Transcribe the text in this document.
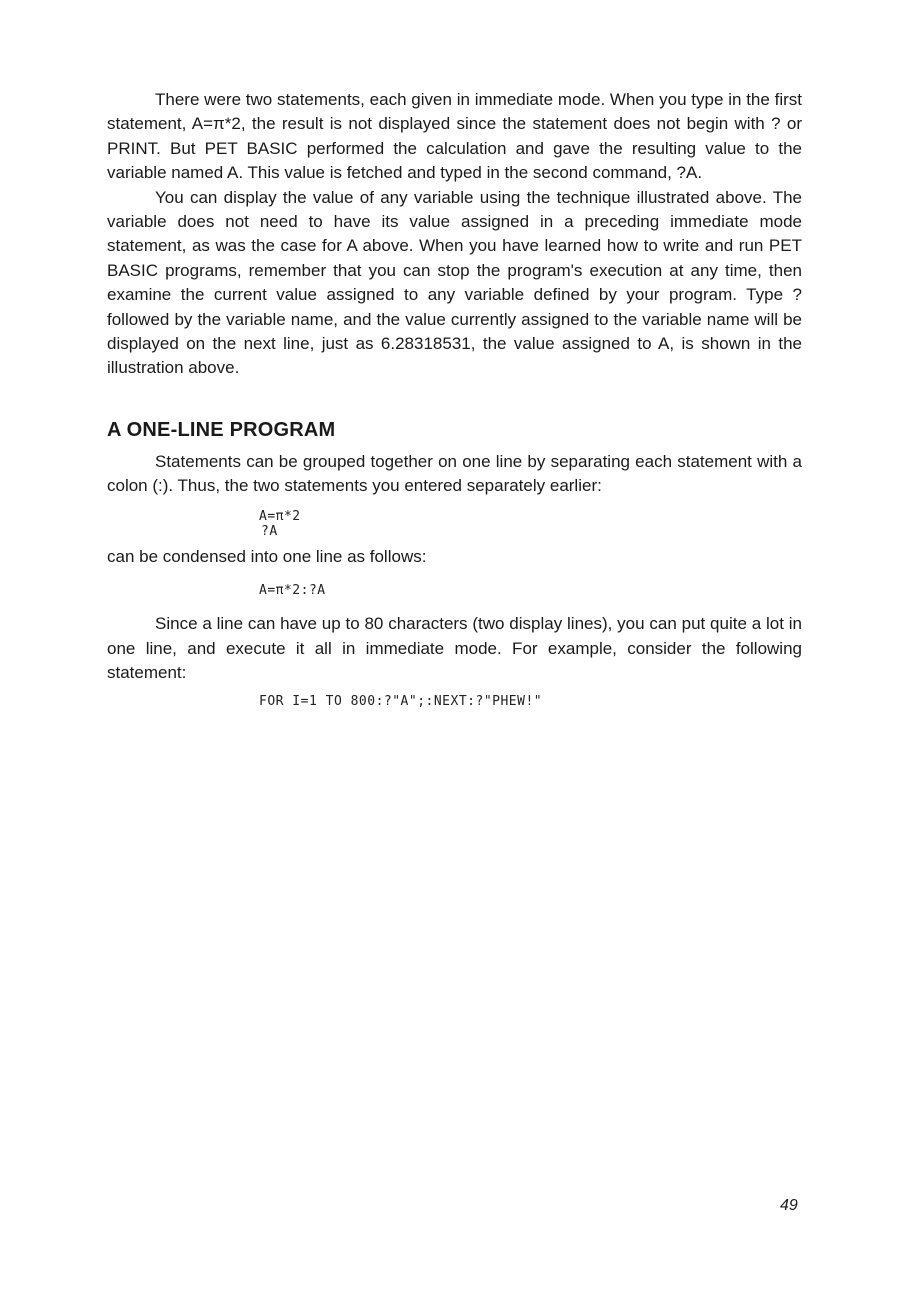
There were two statements, each given in immediate mode. When you type in the first statement, A=π*2, the result is not displayed since the statement does not begin with ? or PRINT. But PET BASIC performed the calculation and gave the resulting value to the variable named A. This value is fetched and typed in the second command, ?A.

You can display the value of any variable using the technique illustrated above. The variable does not need to have its value assigned in a preceding immediate mode statement, as was the case for A above. When you have learned how to write and run PET BASIC programs, remember that you can stop the program's execution at any time, then examine the current value assigned to any variable defined by your program. Type ? followed by the variable name, and the value currently assigned to the variable name will be displayed on the next line, just as 6.28318531, the value assigned to A, is shown in the illustration above.

A ONE-LINE PROGRAM

Statements can be grouped together on one line by separating each statement with a colon (:). Thus, the two statements you entered separately earlier:

A=π*2
?A

can be condensed into one line as follows:

A=π*2:?A

Since a line can have up to 80 characters (two display lines), you can put quite a lot in one line, and execute it all in immediate mode. For example, consider the following statement:

FOR I=1 TO 800:?"A";:NEXT:?"PHEW!"
49
